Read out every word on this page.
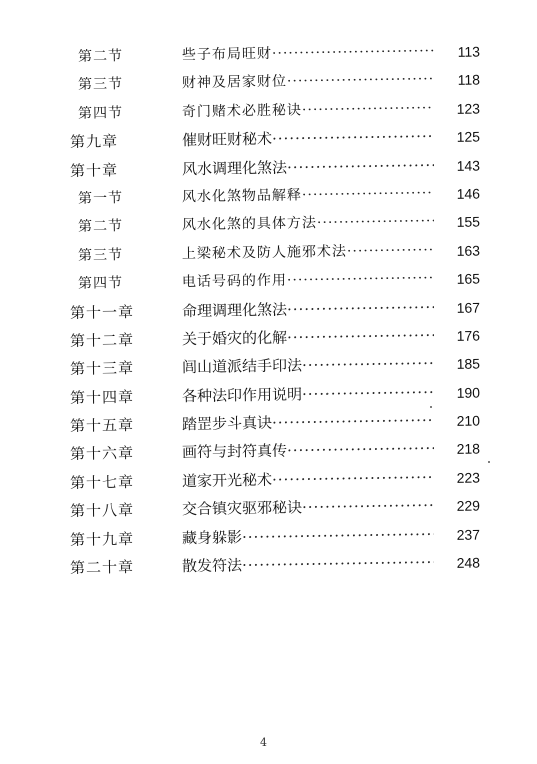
第二节	些子布局旺财 ·····	113
第三节	财神及居家财位 ·····	118
第四节	奇门赌术必胜秘诀 ·····	123
第九章	催财旺财秘术 ·····	125
第十章	风水调理化煞法 ·····	143
第一节	风水化煞物品解释 ·····	146
第二节	风水化煞的具体方法 ·····	155
第三节	上梁秘术及防人施邪术法 ·····	163
第四节	电话号码的作用 ·····	165
第十一章	命理调理化煞法 ·····	167
第十二章	关于婚灾的化解 ·····	176
第十三章	闾山道派结手印法 ·····	185
第十四章	各种法印作用说明 ·····	190
第十五章	踏罡步斗真诀 ·····	210
第十六章	画符与封符真传 ·····	218
第十七章	道家开光秘术 ·····	223
第十八章	交合镇灾驱邪秘诀 ·····	229
第十九章	藏身躲影 ·····	237
第二十章	散发符法 ·····	248
4
